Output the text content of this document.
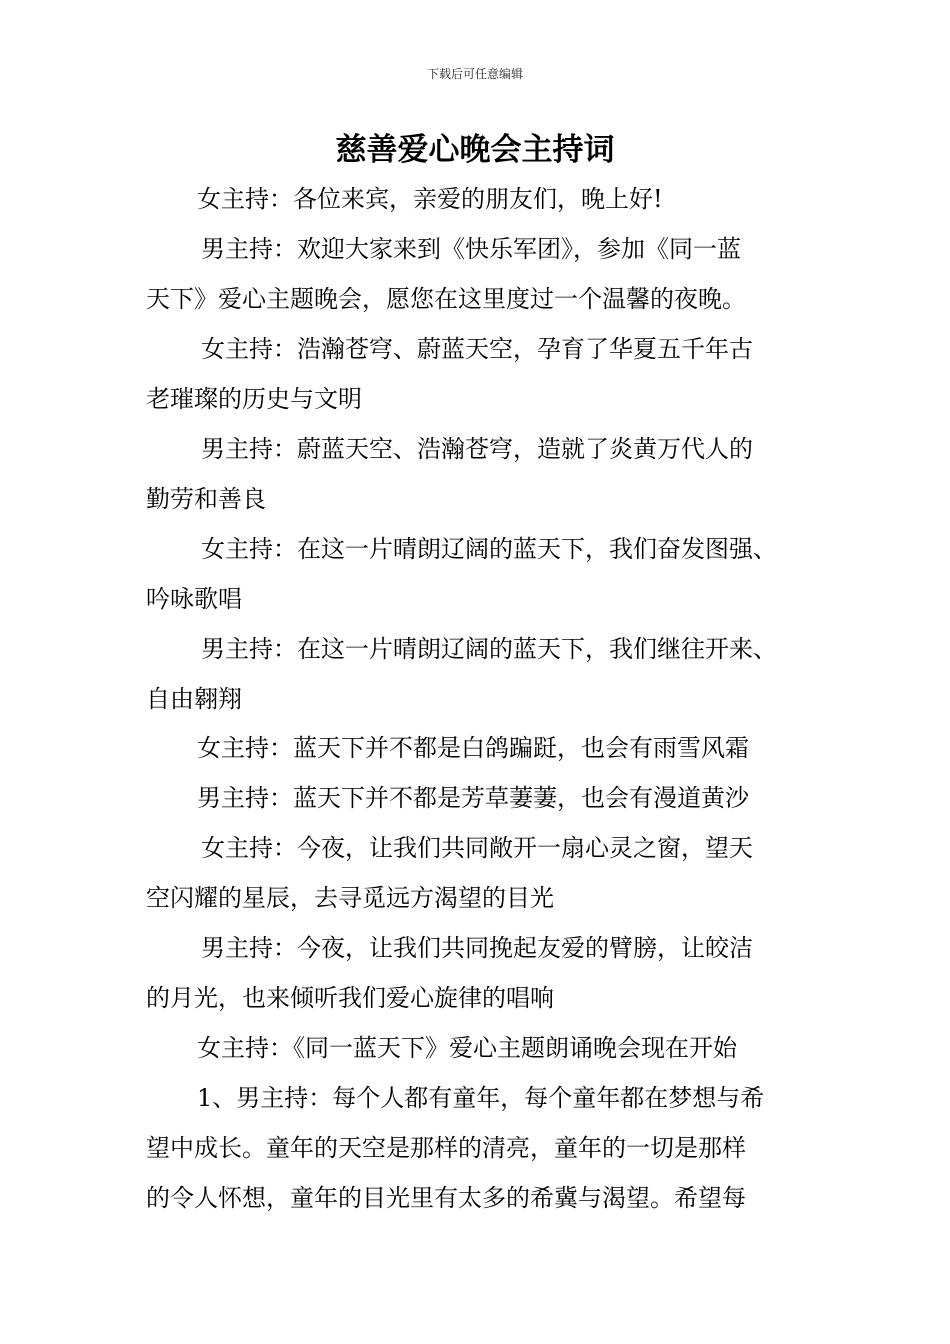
下载后可任意编辑
慈善爱心晚会主持词
女主持：各位来宾，亲爱的朋友们，晚上好!
男主持：欢迎大家来到《快乐军团》，参加《同一蓝
天下》爱心主题晚会，愿您在这里度过一个温馨的夜晚。
女主持：浩瀚苍穹、蔚蓝天空，孕育了华夏五千年古
老璀璨的历史与文明
男主持：蔚蓝天空、浩瀚苍穹，造就了炎黄万代人的
勤劳和善良
女主持：在这一片晴朗辽阔的蓝天下，我们奋发图强、
吟咏歌唱
男主持：在这一片晴朗辽阔的蓝天下，我们继往开来、
自由翱翔
女主持：蓝天下并不都是白鸽蹁跹，也会有雨雪风霜
男主持：蓝天下并不都是芳草萋萋，也会有漫道黄沙
女主持：今夜，让我们共同敞开一扇心灵之窗，望天
空闪耀的星辰，去寻觅远方渴望的目光
男主持：今夜，让我们共同挽起友爱的臂膀，让皎洁
的月光，也来倾听我们爱心旋律的唱响
女主持：《同一蓝天下》爱心主题朗诵晚会现在开始
1、男主持：每个人都有童年，每个童年都在梦想与希
望中成长。童年的天空是那样的清亮，童年的一切是那样
的令人怀想，童年的目光里有太多的希冀与渴望。希望每
